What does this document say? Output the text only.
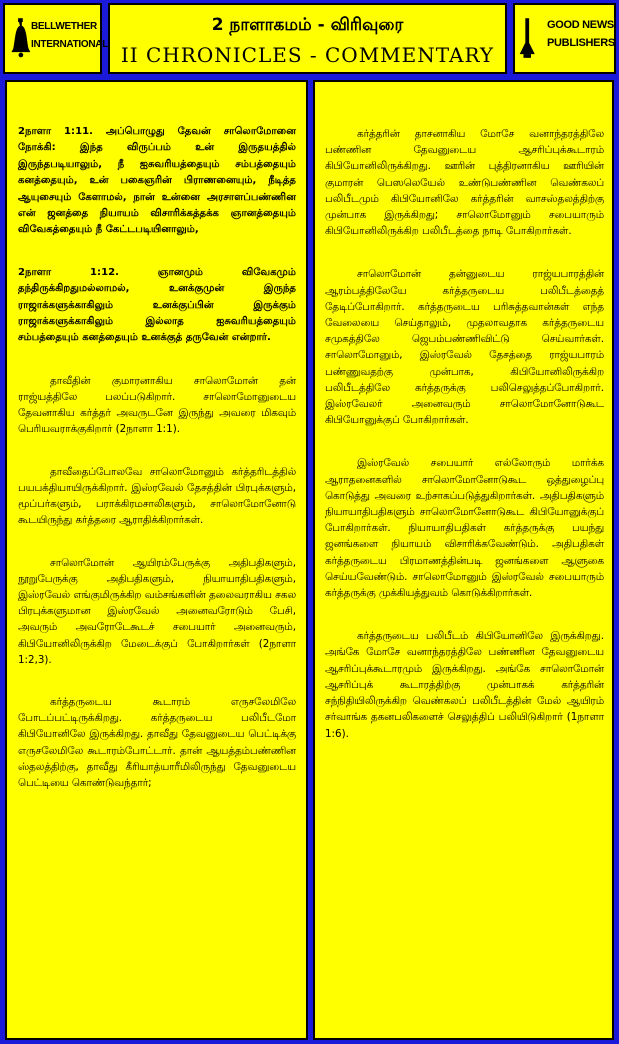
BELLWETHER
INTERNATIONAL
2 நாளாகமம் - விரிவுரை
II CHRONICLES - COMMENTARY
GOOD NEWS
PUBLISHERS

2நாளா 1:11. அப்பொழுது தேவன் சாலொமோனை நோக்கி: இந்த விருப்பம் உன் இருதயத்தில் இருந்தபடியாலும், நீ ஐசுவரியத்தையும் சம்பத்தையும் கனத்தையும், உன் பகைஞரின் பிராணனையும், நீடித்த ஆயுசையும் கேளாமல், நான் உன்னை அரசாளப்பண்ணின என் ஜனத்தை நியாயம் விசாரிக்கத்தக்க ஞானத்தையும் விவேகத்தையும் நீ கேட்டபடியினாலும்,

2நாளா 1:12. ஞானமும் விவேகமும் தந்திருக்கிறதுமல்லாமல், உனக்குமுன் இருந்த ராஜாக்களுக்காகிலும் உனக்குப்பின் இருக்கும் ராஜாக்களுக்காகிலும் இல்லாத ஐசுவரியத்தையும் சம்பத்தையும் கனத்தையும் உனக்குத் தருவேன் என்றார்.

தாவீதின் குமாரனாகிய சாலொமோன் தன் ராஜ்யத்திலே பலப்படுகிறார். சாலொமோனுடைய தேவனாகிய கர்த்தர் அவருடனே இருந்து அவரை மிகவும் பெரியவராக்குகிறார் (2நாளா 1:1).

தாவீதைப்போலவே சாலொமோனும் கர்த்தரிடத்தில் பயபக்தியாயிருக்கிறார். இஸ்ரவேல் தேசத்தின் பிரபுக்களும், மூப்பர்களும், பராக்கிரமசாலிகளும், சாலொமோனோடு கூடயிருந்து கர்த்தரை ஆராதிக்கிறார்கள்.

சாலொமோன் ஆயிரம்பேருக்கு அதிபதிகளும், நூறுபேருக்கு அதிபதிகளும், நியாயாதிபதிகளும், இஸ்ரவேல் எங்குமிருக்கிற வம்சங்களின் தலைவராகிய சகல பிரபுக்களுமான இஸ்ரவேல் அனைவரோடும் பேசி, அவரும் அவரோடேகூடச் சபையார் அனைவரும், கிபியோனிலிருக்கிற மேடைக்குப் போகிறார்கள் (2நாளா 1:2,3).

கர்த்தருடைய கூடாரம் எருசலேமிலே போடப்பட்டிருக்கிறது. கர்த்தருடைய பலிபீடமோ கிபியோனிலே இருக்கிறது. தாவீது தேவனுடைய பெட்டிக்கு எருசலேமிலே கூடாரம்போட்டார். தான் ஆயத்தம்பண்ணின ஸ்தலத்திற்கு, தாவீது கீரியாத்யாரீமிலிருந்து தேவனுடைய பெட்டியை கொண்டுவந்தார்;

கர்த்தரின் தாசனாகிய மோசே வனாந்தரத்திலே பண்ணின தேவனுடைய ஆசரிப்புக்கூடாரம் கிபியோனிலிருக்கிறது. ஊரின் புத்திரனாகிய ஊரியின் குமாரன் பெஸலெயேல் உண்டுபண்ணின வெண்கலப் பலிபீடமும் கிபியோனிலே கர்த்தரின் வாசஸ்தலத்திற்கு முன்பாக இருக்கிறது; சாலொமோனும் சபையாரும் கிபியோனிலிருக்கிற பலிபீடத்தை நாடி போகிறார்கள்.

சாலொமோன் தன்னுடைய ராஜ்யபாரத்தின் ஆரம்பத்திலேயே கர்த்தருடைய பலிபீடத்தைத் தேடிப்போகிறார். கர்த்தருடைய பரிசுத்தவான்கள் எந்த வேலையை செய்தாலும், முதலாவதாக கர்த்தருடைய சமுகத்திலே ஜெபம்பண்ணிவிட்டு செய்வார்கள். சாலொமோனும், இஸ்ரவேல் தேசத்தை ராஜ்யபாரம் பண்ணுவதற்கு முன்பாக, கிபியோனிலிருக்கிற பலிபீடத்திலே கர்த்தருக்கு பலிசெலுத்தப்போகிறார். இஸ்ரவேலர் அனைவரும் சாலொமோனோடுகூட கிபியோனுக்குப் போகிறார்கள்.

இஸ்ரவேல் சபையார் எல்லோரும் மார்க்க ஆராதனைகளில் சாலொமோனோடுகூட ஒத்துழைப்பு கொடுத்து அவரை உற்சாகப்படுத்துகிறார்கள். அதிபதிகளும் நியாயாதிபதிகளும் சாலொமோனோடுகூட கிபியோனுக்குப் போகிறார்கள். நியாயாதிபதிகள் கர்த்தருக்கு பயந்து ஜனங்களை நியாயம் விசாரிக்கவேண்டும். அதிபதிகள் கர்த்தருடைய பிரமாணத்தின்படி ஜனங்களை ஆளுகை செய்யவேண்டும். சாலொமோனும் இஸ்ரவேல் சபையாரும் கர்த்தருக்கு முக்கியத்துவம் கொடுக்கிறார்கள்.

கர்த்தருடைய பலிபீடம் கிபியோனிலே இருக்கிறது. அங்கே மோசே வனாந்தரத்திலே பண்ணின தேவனுடைய ஆசரிப்புக்கூடாரமும் இருக்கிறது. அங்கே சாலொமோன் ஆசரிப்புக் கூடாரத்திற்கு முன்பாகக் கர்த்தரின் சந்நிதியிலிருக்கிற வெண்கலப் பலிபீடத்தின் மேல் ஆயிரம் சர்வாங்க தகனபலிகளைச் செலுத்திப் பலியிடுகிறார் (1நாளா 1:6).
